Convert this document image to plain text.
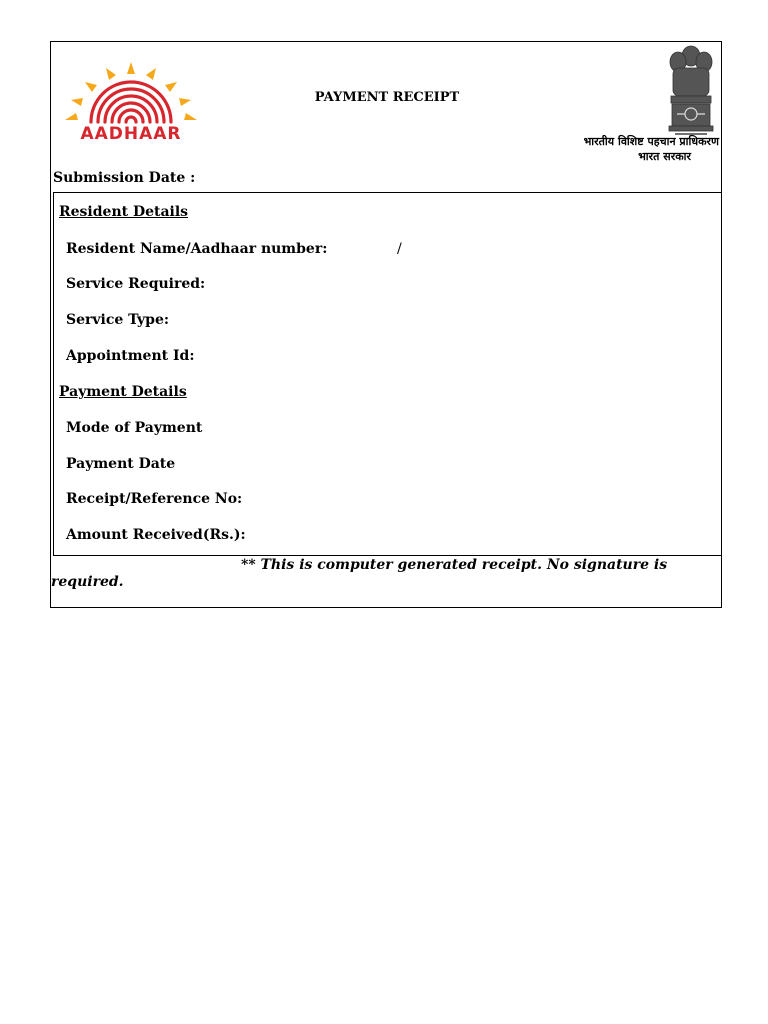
AADHAAR
PAYMENT RECEIPT
भारतीय विशिष्ट पहचान प्राधिकरण
भारत सरकार
Submission Date :
Resident Details
Resident Name/Aadhaar number:	/
Service Required:
Service Type:
Appointment Id:
Payment Details
Mode of Payment
Payment Date
Receipt/Reference No:
Amount Received(Rs.):
** This is computer generated receipt. No signature is required.
